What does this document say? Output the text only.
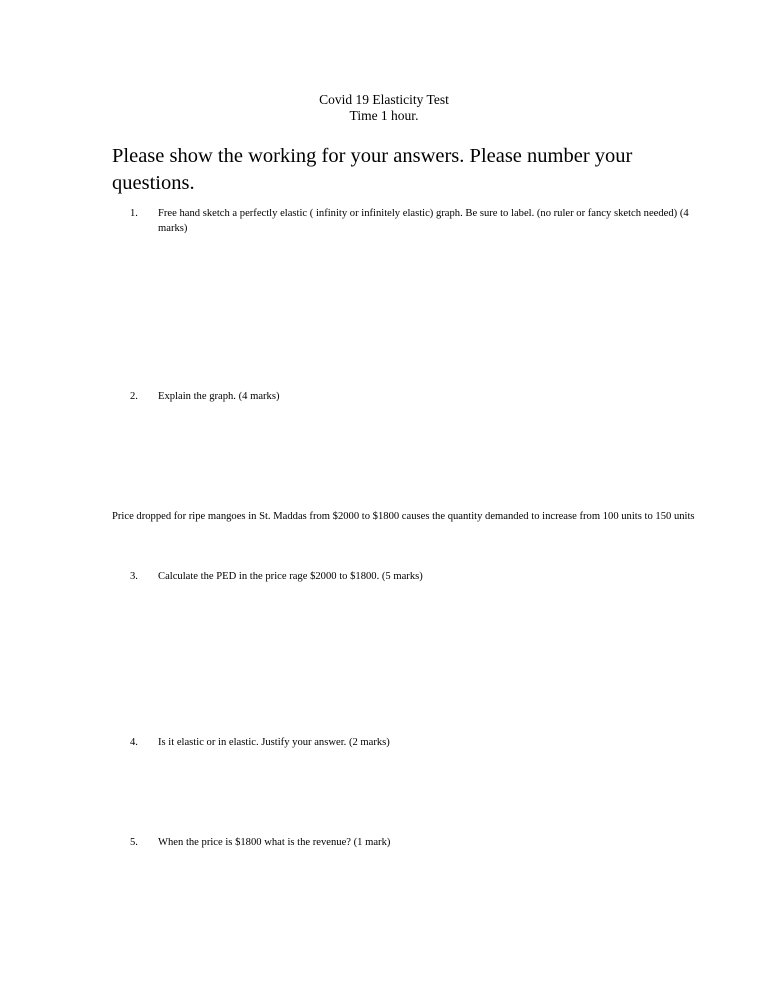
Covid 19 Elasticity Test
Time 1 hour.
Please show the working for your answers. Please number your questions.
1. Free hand sketch a perfectly elastic ( infinity or infinitely elastic) graph. Be sure to label. (no ruler or fancy sketch needed) (4 marks)
2. Explain the graph. (4 marks)
Price dropped for ripe mangoes in St. Maddas from $2000 to $1800 causes the quantity demanded to increase from 100 units to 150 units
3. Calculate the PED in the price rage $2000 to $1800. (5 marks)
4. Is it elastic or in elastic. Justify your answer. (2 marks)
5. When the price is $1800 what is the revenue? (1 mark)
